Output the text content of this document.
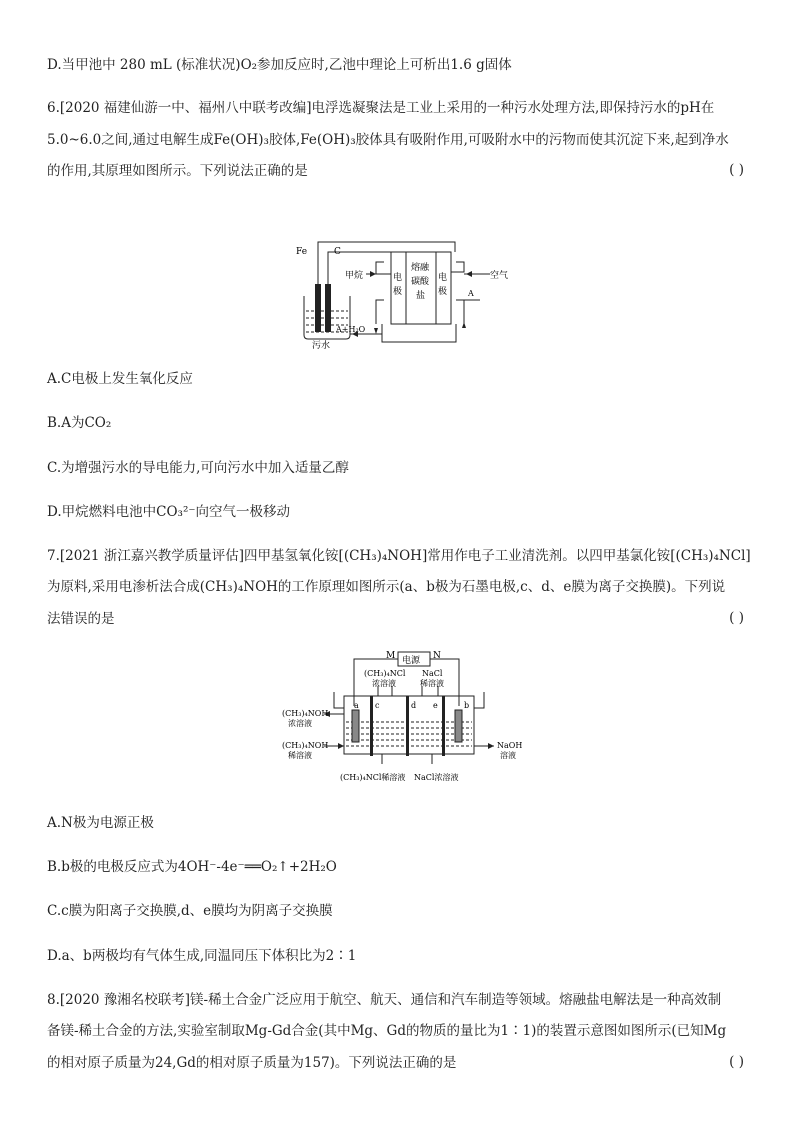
D.当甲池中 280 mL (标准状况)O₂参加反应时,乙池中理论上可析出1.6 g固体
6.[2020 福建仙游一中、福州八中联考改编]电浮选凝聚法是工业上采用的一种污水处理方法,即保持污水的pH在
5.0~6.0之间,通过电解生成Fe(OH)₃胶体,Fe(OH)₃胶体具有吸附作用,可吸附水中的污物而使其沉淀下来,起到净水
的作用,其原理如图所示。下列说法正确的是	( )
Fe	C
污水
A+H₂O
甲烷	空气
A
电
极
熔融
碳酸
盐
电
极
A.C电极上发生氧化反应
B.A为CO₂
C.为增强污水的导电能力,可向污水中加入适量乙醇
D.甲烷燃料电池中CO₃²⁻向空气一极移动
7.[2021 浙江嘉兴教学质量评估]四甲基氢氧化铵[(CH₃)₄NOH]常用作电子工业清洗剂。以四甲基氯化铵[(CH₃)₄NCl]
为原料,采用电渗析法合成(CH₃)₄NOH的工作原理如图所示(a、b极为石墨电极,c、d、e膜为离子交换膜)。下列说
法错误的是	( )
M	N
电源
(CH₃)₄NCl
浓溶液
NaCl
稀溶液
(CH₃)₄NOH
浓溶液
(CH₃)₄NOH
稀溶液
NaOH
溶液
(CH₃)₄NCl稀溶液 NaCl浓溶液
a c	d e	b
A.N极为电源正极
B.b极的电极反应式为4OH⁻-4e⁻══O₂↑+2H₂O
C.c膜为阳离子交换膜,d、e膜均为阴离子交换膜
D.a、b两极均有气体生成,同温同压下体积比为2∶1
8.[2020 豫湘名校联考]镁-稀土合金广泛应用于航空、航天、通信和汽车制造等领域。熔融盐电解法是一种高效制
备镁-稀土合金的方法,实验室制取Mg-Gd合金(其中Mg、Gd的物质的量比为1∶1)的装置示意图如图所示(已知Mg
的相对原子质量为24,Gd的相对原子质量为157)。下列说法正确的是	( )
